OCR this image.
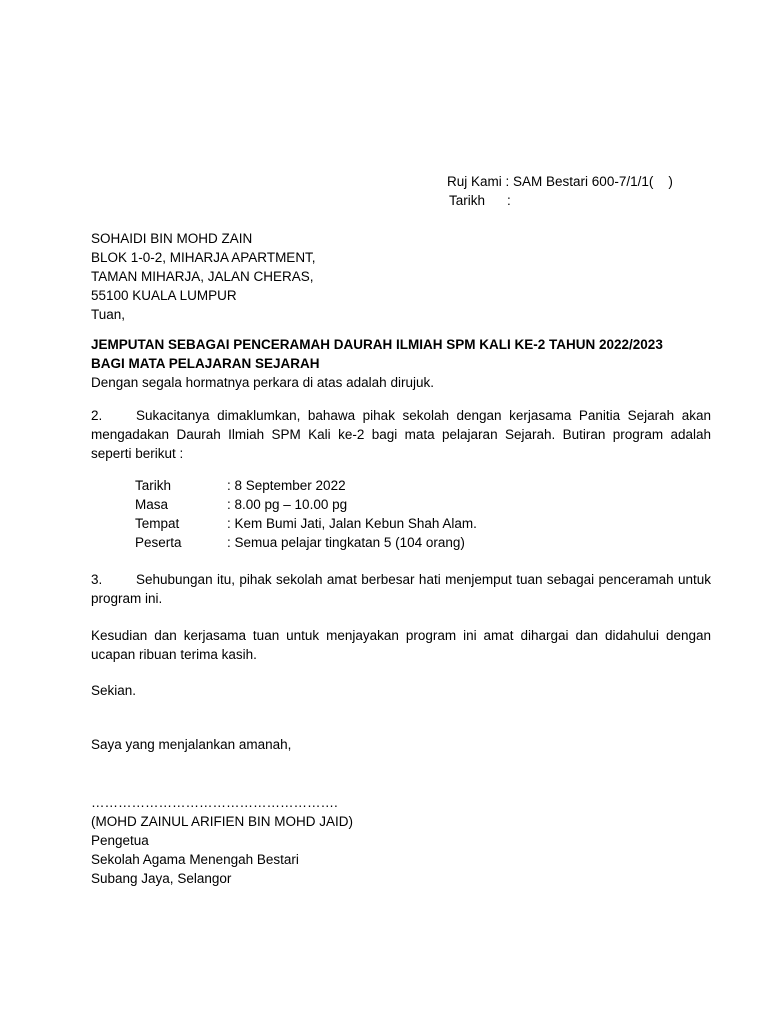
Ruj Kami : SAM Bestari 600-7/1/1(    )
Tarikh :
SOHAIDI BIN MOHD ZAIN
BLOK 1-0-2, MIHARJA APARTMENT,
TAMAN MIHARJA, JALAN CHERAS,
55100 KUALA LUMPUR
Tuan,
JEMPUTAN SEBAGAI PENCERAMAH DAURAH ILMIAH SPM KALI KE-2 TAHUN 2022/2023
BAGI MATA PELAJARAN SEJARAH
Dengan segala hormatnya perkara di atas adalah dirujuk.
2. Sukacitanya dimaklumkan, bahawa pihak sekolah dengan kerjasama Panitia Sejarah akan mengadakan Daurah Ilmiah SPM Kali ke-2 bagi mata pelajaran Sejarah. Butiran program adalah seperti berikut :
Tarikh	: 8 September 2022
Masa	: 8.00 pg – 10.00 pg
Tempat	: Kem Bumi Jati, Jalan Kebun Shah Alam.
Peserta	: Semua pelajar tingkatan 5 (104 orang)
3. Sehubungan itu, pihak sekolah amat berbesar hati menjemput tuan sebagai penceramah untuk program ini.
Kesudian dan kerjasama tuan untuk menjayakan program ini amat dihargai dan didahului dengan ucapan ribuan terima kasih.
Sekian.
Saya yang menjalankan amanah,
……………………………………………….
(MOHD ZAINUL ARIFIEN BIN MOHD JAID)
Pengetua
Sekolah Agama Menengah Bestari
Subang Jaya, Selangor
